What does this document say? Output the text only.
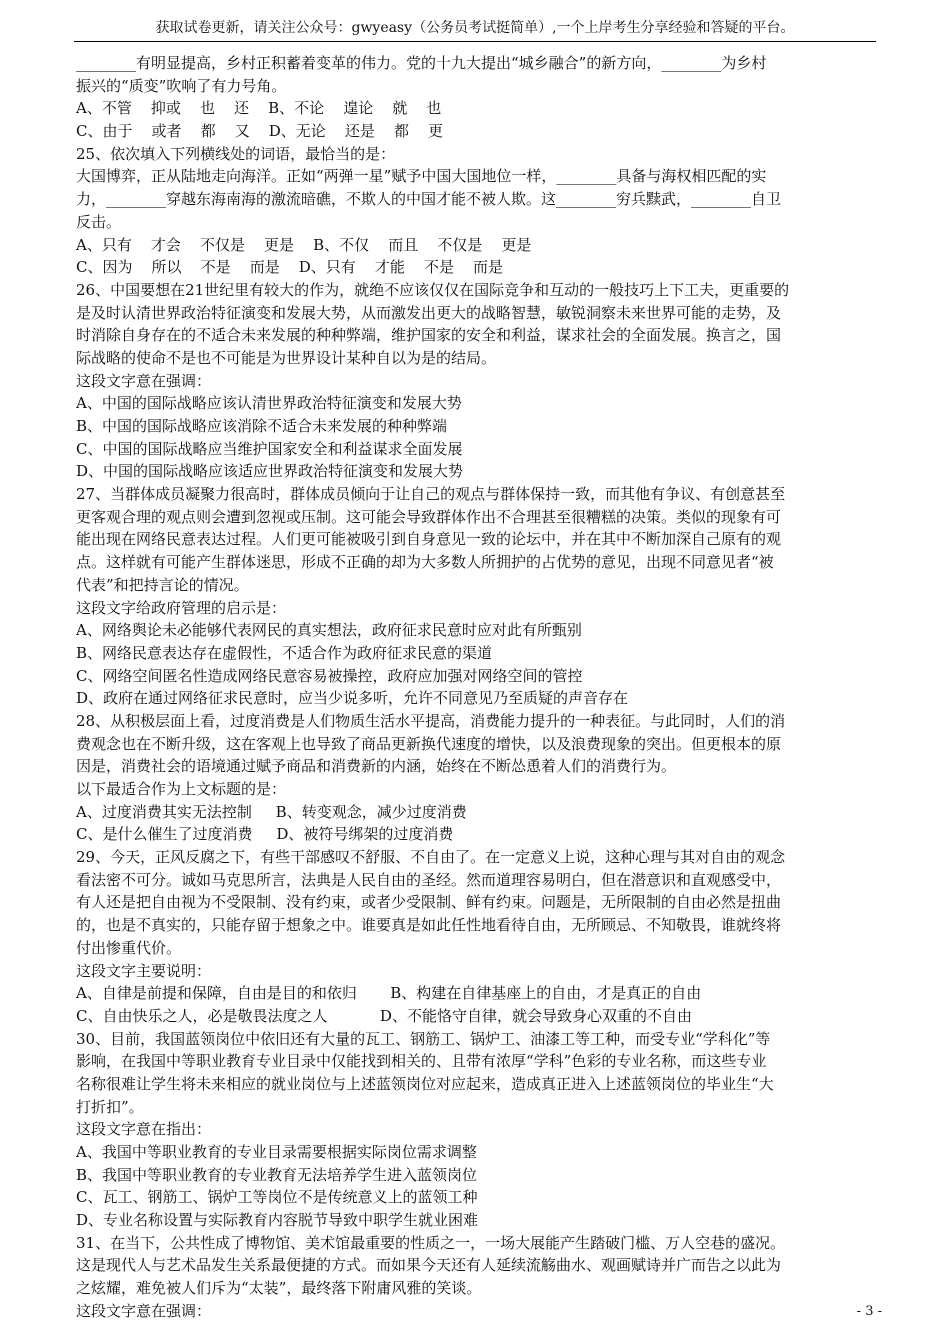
获取试卷更新，请关注公众号：gwyeasy（公务员考试挺简单）,一个上岸考生分享经验和答疑的平台。
________有明显提高，乡村正积蓄着变革的伟力。党的十九大提出“城乡融合”的新方向，________为乡村
振兴的“质变”吹响了有力号角。
A、不管    抑或    也    还    B、不论    遑论    就    也
C、由于    或者    都    又    D、无论    还是    都    更
25、依次填入下列横线处的词语，最恰当的是：
大国博弈，正从陆地走向海洋。正如“两弹一星”赋予中国大国地位一样，________具备与海权相匹配的实
力，________穿越东海南海的激流暗礁，不欺人的中国才能不被人欺。这________穷兵黩武，________自卫
反击。
A、只有    才会    不仅是    更是    B、不仅    而且    不仅是    更是
C、因为    所以    不是    而是    D、只有    才能    不是    而是
26、中国要想在21世纪里有较大的作为，就绝不应该仅仅在国际竞争和互动的一般技巧上下工夫，更重要的
是及时认清世界政治特征演变和发展大势，从而激发出更大的战略智慧，敏锐洞察未来世界可能的走势，及
时消除自身存在的不适合未来发展的种种弊端，维护国家的安全和利益，谋求社会的全面发展。换言之，国
际战略的使命不是也不可能是为世界设计某种自以为是的结局。
这段文字意在强调：
A、中国的国际战略应该认清世界政治特征演变和发展大势
B、中国的国际战略应该消除不适合未来发展的种种弊端
C、中国的国际战略应当维护国家安全和利益谋求全面发展
D、中国的国际战略应该适应世界政治特征演变和发展大势
27、当群体成员凝聚力很高时，群体成员倾向于让自己的观点与群体保持一致，而其他有争议、有创意甚至
更客观合理的观点则会遭到忽视或压制。这可能会导致群体作出不合理甚至很糟糕的决策。类似的现象有可
能出现在网络民意表达过程。人们更可能被吸引到自身意见一致的论坛中，并在其中不断加深自己原有的观
点。这样就有可能产生群体迷思，形成不正确的却为大多数人所拥护的占优势的意见，出现不同意见者“被
代表”和把持言论的情况。
这段文字给政府管理的启示是：
A、网络舆论未必能够代表网民的真实想法，政府征求民意时应对此有所甄别
B、网络民意表达存在虚假性，不适合作为政府征求民意的渠道
C、网络空间匿名性造成网络民意容易被操控，政府应加强对网络空间的管控
D、政府在通过网络征求民意时，应当少说多听，允许不同意见乃至质疑的声音存在
28、从积极层面上看，过度消费是人们物质生活水平提高，消费能力提升的一种表征。与此同时，人们的消
费观念也在不断升级，这在客观上也导致了商品更新换代速度的增快，以及浪费现象的突出。但更根本的原
因是，消费社会的语境通过赋予商品和消费新的内涵，始终在不断怂恿着人们的消费行为。
以下最适合作为上文标题的是：
A、过度消费其实无法控制     B、转变观念，减少过度消费
C、是什么催生了过度消费     D、被符号绑架的过度消费
29、今天，正风反腐之下，有些干部感叹不舒服、不自由了。在一定意义上说，这种心理与其对自由的观念
看法密不可分。诚如马克思所言，法典是人民自由的圣经。然而道理容易明白，但在潜意识和直观感受中，
有人还是把自由视为不受限制、没有约束，或者少受限制、鲜有约束。问题是，无所限制的自由必然是扭曲
的，也是不真实的，只能存留于想象之中。谁要真是如此任性地看待自由，无所顾忌、不知敬畏，谁就终将
付出惨重代价。
这段文字主要说明：
A、自律是前提和保障，自由是目的和依归       B、构建在自律基座上的自由，才是真正的自由
C、自由快乐之人，必是敬畏法度之人           D、不能恪守自律，就会导致身心双重的不自由
30、目前，我国蓝领岗位中依旧还有大量的瓦工、钢筋工、锅炉工、油漆工等工种，而受专业“学科化”等
影响，在我国中等职业教育专业目录中仅能找到相关的、且带有浓厚“学科”色彩的专业名称，而这些专业
名称很难让学生将未来相应的就业岗位与上述蓝领岗位对应起来，造成真正进入上述蓝领岗位的毕业生“大
打折扣”。
这段文字意在指出：
A、我国中等职业教育的专业目录需要根据实际岗位需求调整
B、我国中等职业教育的专业教育无法培养学生进入蓝领岗位
C、瓦工、钢筋工、锅炉工等岗位不是传统意义上的蓝领工种
D、专业名称设置与实际教育内容脱节导致中职学生就业困难
31、在当下，公共性成了博物馆、美术馆最重要的性质之一，一场大展能产生踏破门槛、万人空巷的盛况。
这是现代人与艺术品发生关系最便捷的方式。而如果今天还有人延续流觞曲水、观画赋诗并广而告之以此为
之炫耀，难免被人们斥为“太装”，最终落下附庸风雅的笑谈。
这段文字意在强调：	- 3 -
